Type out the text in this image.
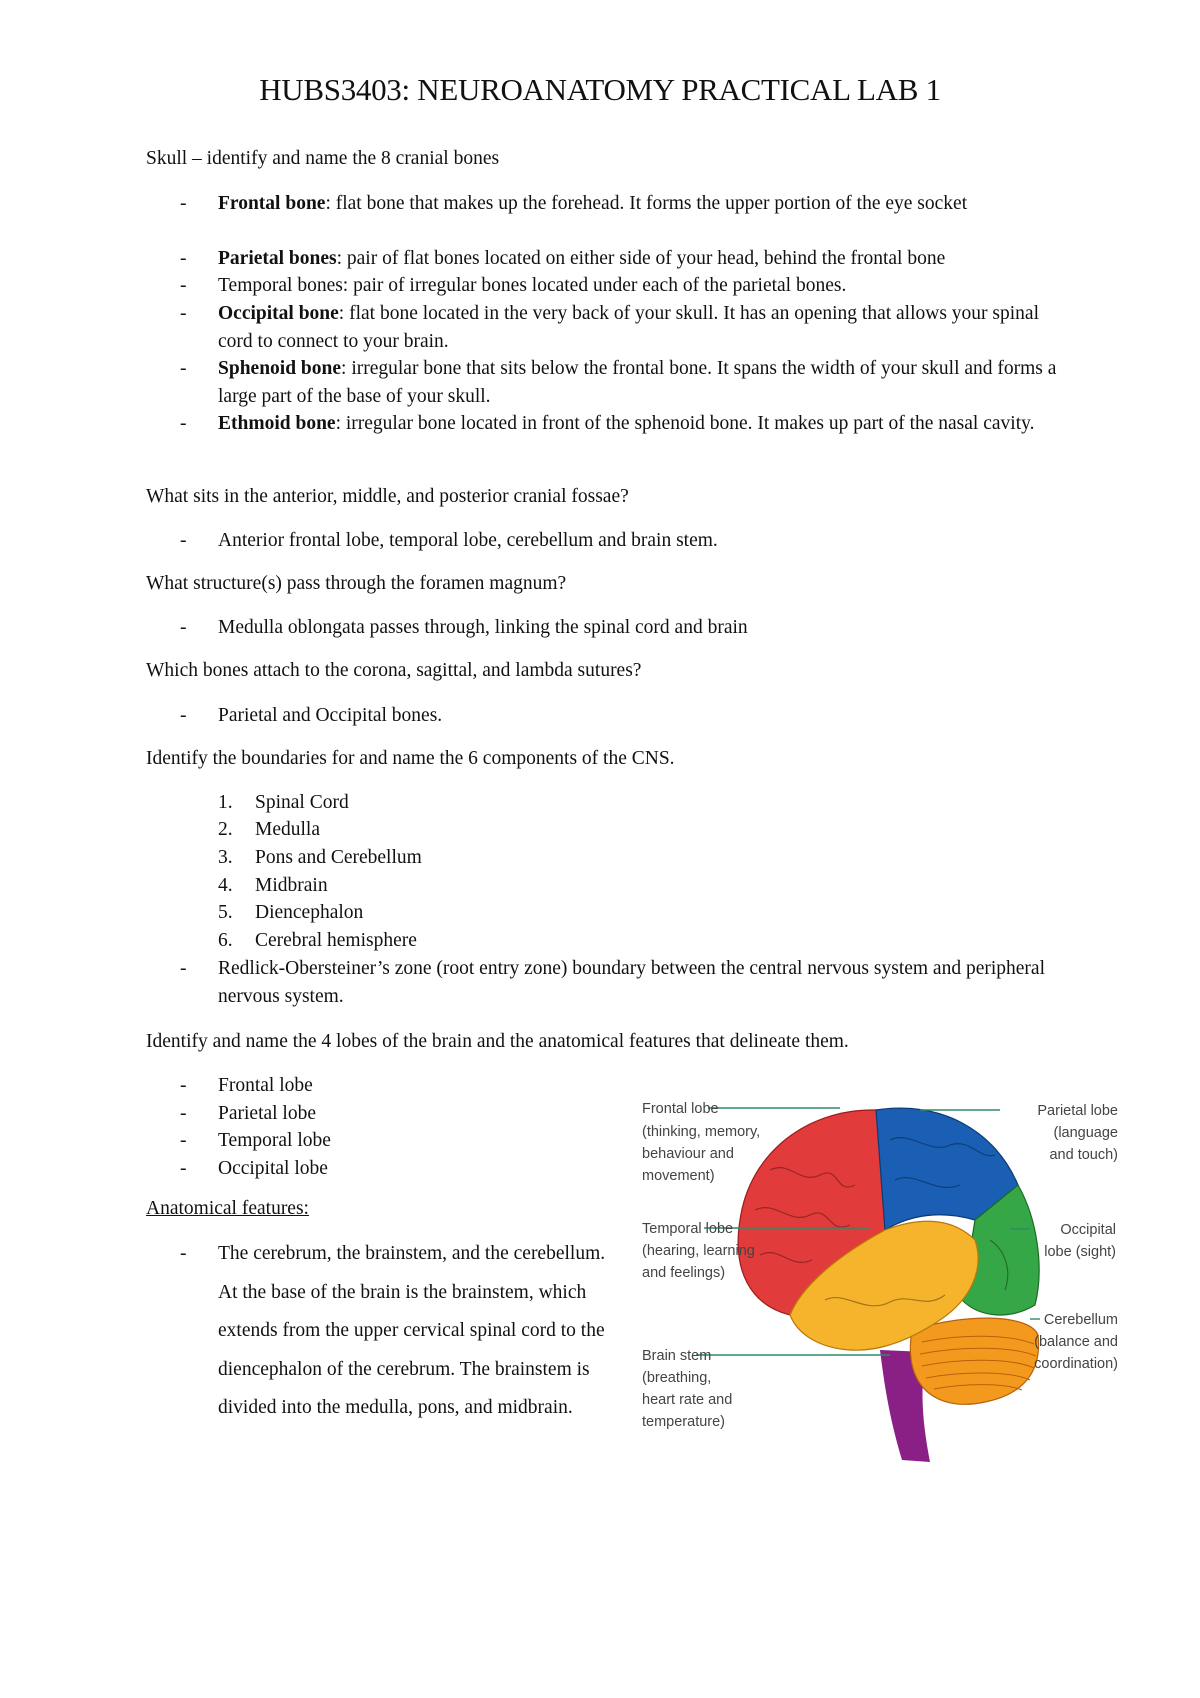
HUBS3403: NEUROANATOMY PRACTICAL LAB 1
Skull – identify and name the 8 cranial bones
- Frontal bone: flat bone that makes up the forehead. It forms the upper portion of the eye socket
- Parietal bones: pair of flat bones located on either side of your head, behind the frontal bone
- Temporal bones: pair of irregular bones located under each of the parietal bones.
- Occipital bone: flat bone located in the very back of your skull. It has an opening that allows your spinal cord to connect to your brain.
- Sphenoid bone: irregular bone that sits below the frontal bone. It spans the width of your skull and forms a large part of the base of your skull.
- Ethmoid bone: irregular bone located in front of the sphenoid bone. It makes up part of the nasal cavity.
What sits in the anterior, middle, and posterior cranial fossae?
- Anterior frontal lobe, temporal lobe, cerebellum and brain stem.
What structure(s) pass through the foramen magnum?
- Medulla oblongata passes through, linking the spinal cord and brain
Which bones attach to the corona, sagittal, and lambda sutures?
- Parietal and Occipital bones.
Identify the boundaries for and name the 6 components of the CNS.
1. Spinal Cord
2. Medulla
3. Pons and Cerebellum
4. Midbrain
5. Diencephalon
6. Cerebral hemisphere
- Redlick-Obersteiner’s zone (root entry zone) boundary between the central nervous system and peripheral nervous system.
Identify and name the 4 lobes of the brain and the anatomical features that delineate them.
- Frontal lobe
- Parietal lobe
- Temporal lobe
- Occipital lobe
Anatomical features:
- The cerebrum, the brainstem, and the cerebellum. At the base of the brain is the brainstem, which extends from the upper cervical spinal cord to the diencephalon of the cerebrum. The brainstem is divided into the medulla, pons, and midbrain.
Frontal lobe
(thinking, memory,
behaviour and
movement)
Temporal lobe
(hearing, learning
and feelings)
Brain stem
(breathing,
heart rate and
temperature)
Parietal lobe
(language
and touch)
Occipital
lobe (sight)
Cerebellum
(balance and
coordination)
